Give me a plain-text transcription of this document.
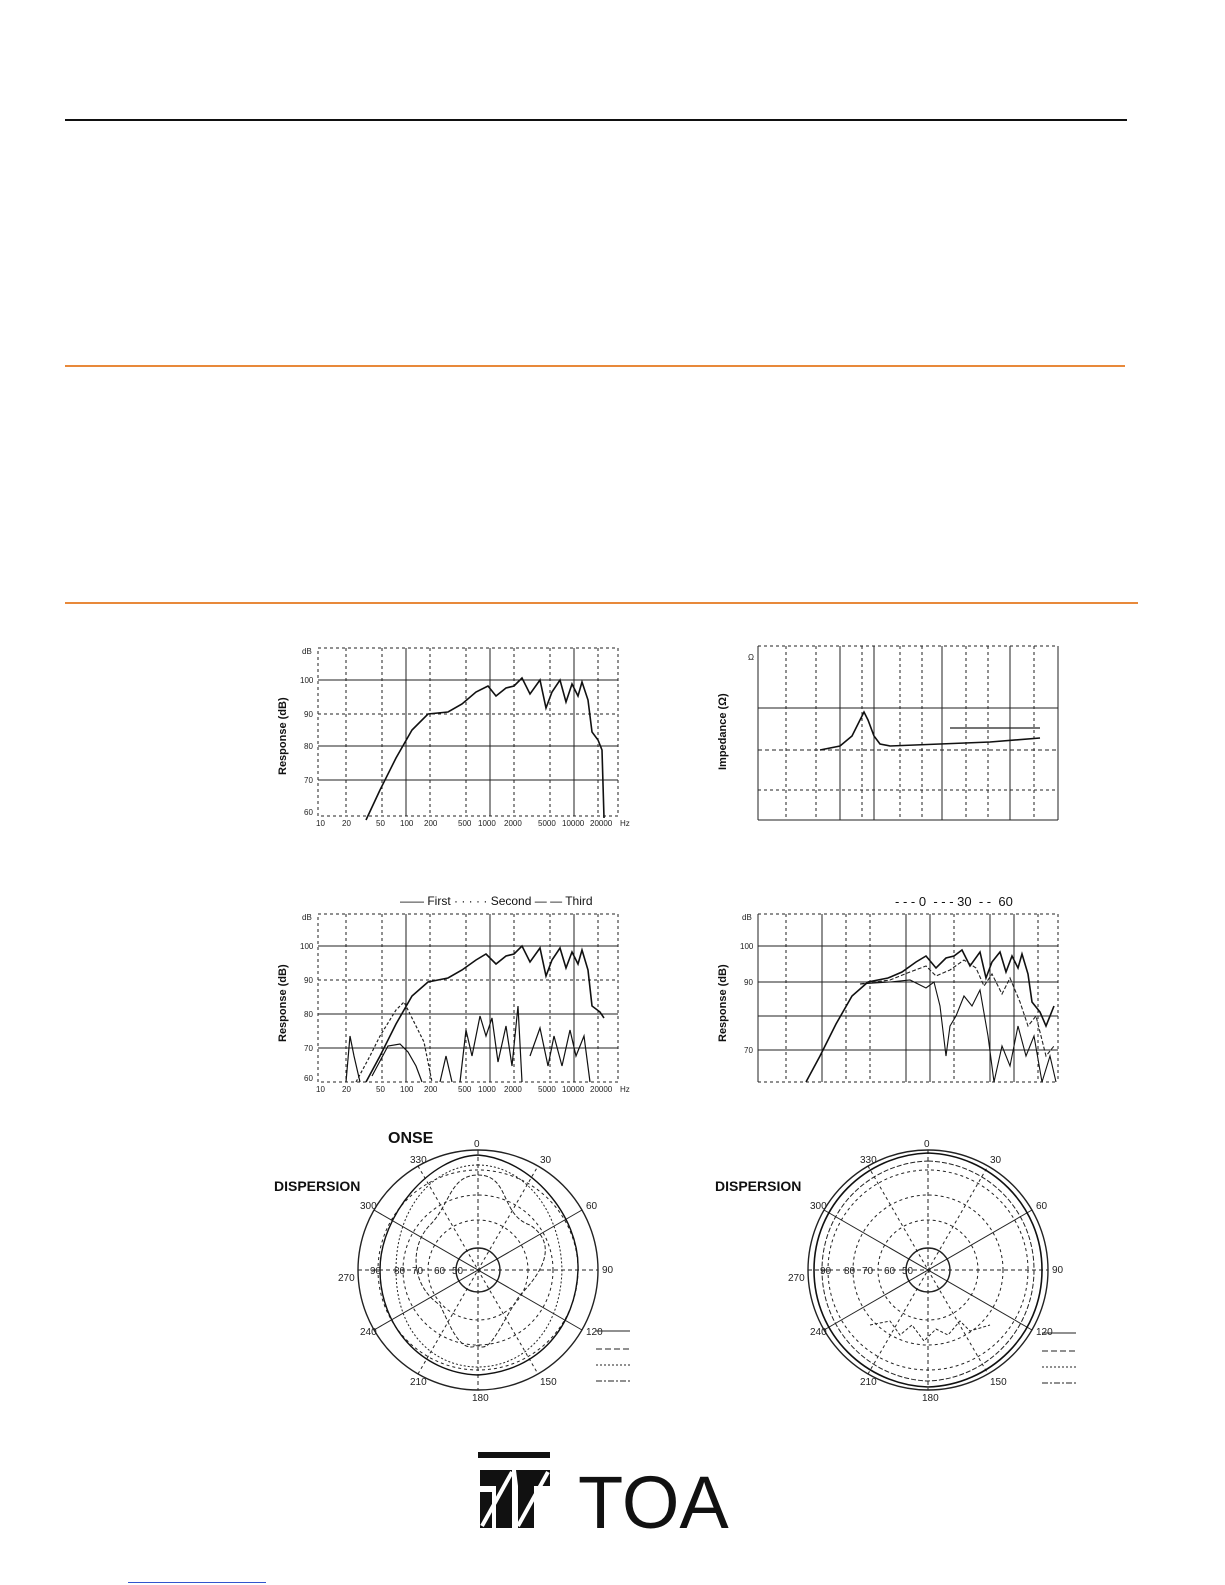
Response (dB)
dB
100
90
80
70
60
10 20	50 100 200	500 1000 2000 5000 10000 20000 Hz
Impedance (Ω)
Ω
Response (dB)
—— First · · · · · Second — — Third
dB
100
90
80
70
60
10 20	50 100 200	500 1000 2000 5000 10000 20000 Hz
Response (dB)
- - - 0  - - - 30  - -  60
dB
100
90
70
ONSE
DISPERSION
0
30
60
90
120
150
180
210
240
270
300
330
90 80 70 60 50
DISPERSION
0
30
60
90
120
150
180
210
240
270
300
330
90 80 70 60 50
TOA
